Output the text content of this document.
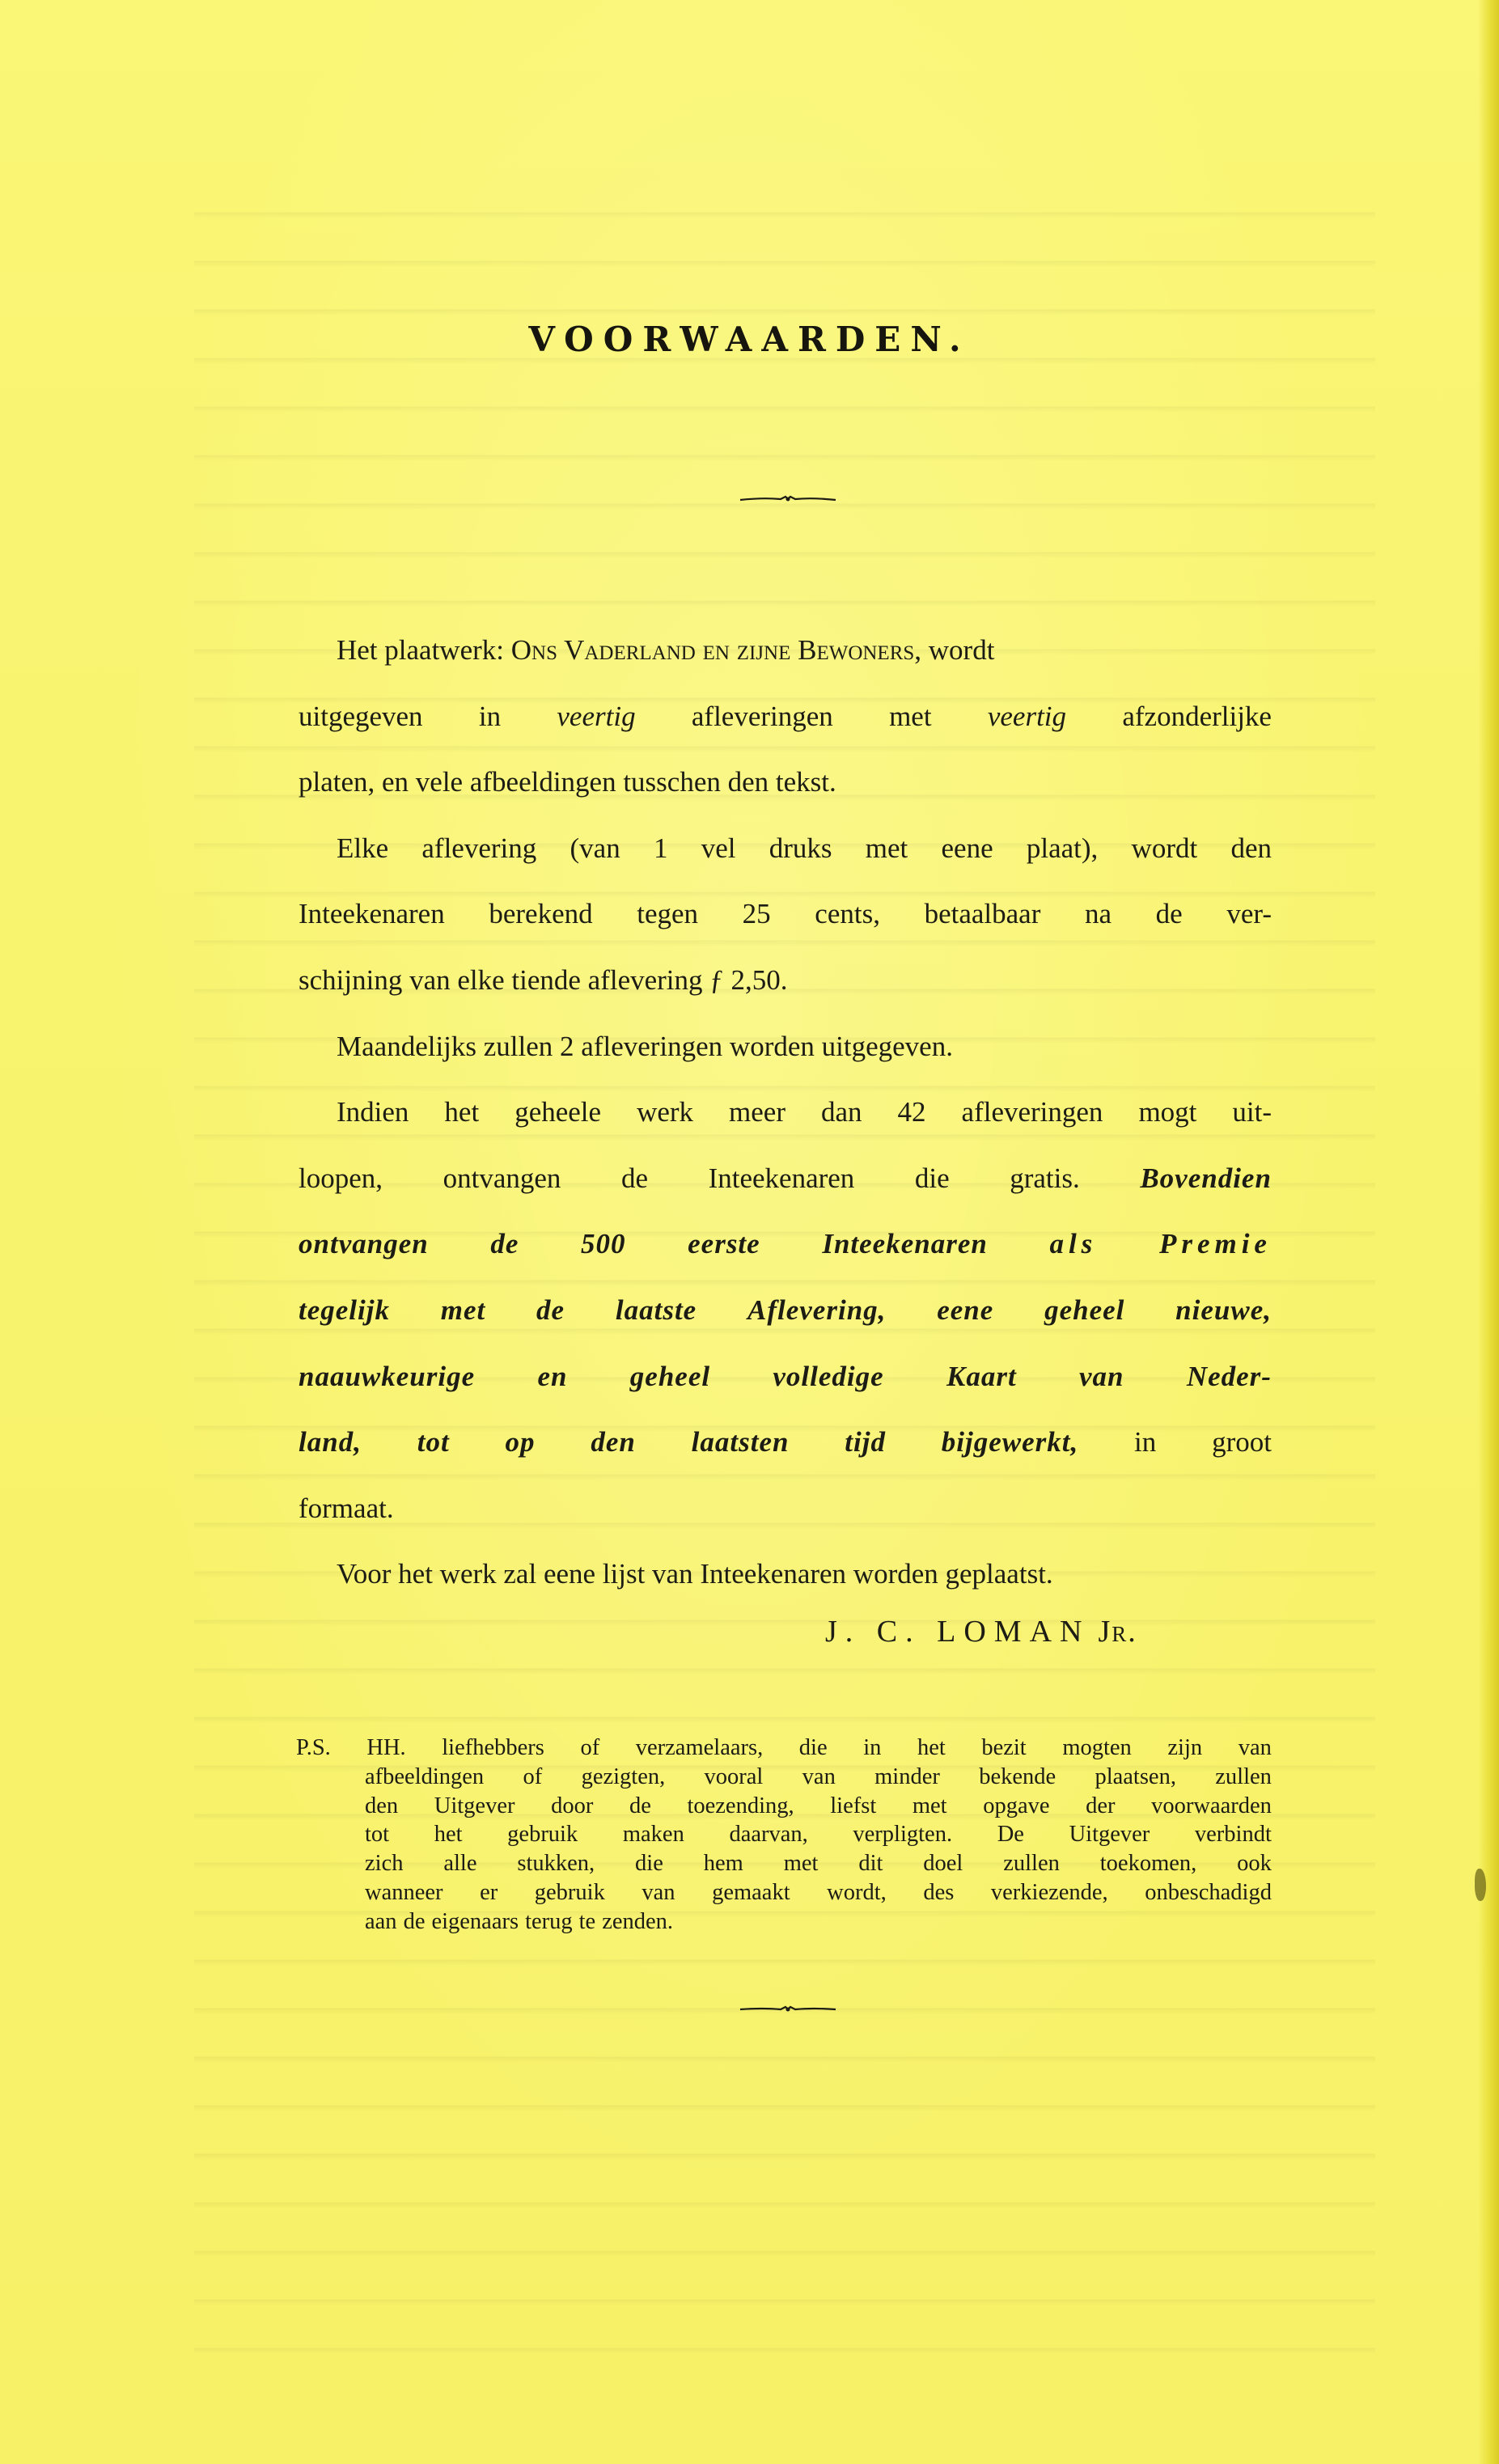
VOORWAARDEN.
Het plaatwerk: Ons Vaderland en zijne Bewoners, wordt
uitgegeven in veertig afleveringen met veertig afzonderlijke
platen, en vele afbeeldingen tusschen den tekst.
Elke aflevering (van 1 vel druks met eene plaat), wordt den
Inteekenaren berekend tegen 25 cents, betaalbaar na de ver-
schijning van elke tiende aflevering ƒ 2,50.
Maandelijks zullen 2 afleveringen worden uitgegeven.
Indien het geheele werk meer dan 42 afleveringen mogt uit-
loopen, ontvangen de Inteekenaren die gratis. Bovendien
ontvangen de 500 eerste Inteekenaren als Premie
tegelijk met de laatste Aflevering, eene geheel nieuwe,
naauwkeurige en geheel volledige Kaart van Neder-
land, tot op den laatsten tijd bijgewerkt, in groot
formaat.
Voor het werk zal eene lijst van Inteekenaren worden geplaatst.
J. C. LOMAN Jr.
P.S. HH. liefhebbers of verzamelaars, die in het bezit mogten zijn van
afbeeldingen of gezigten, vooral van minder bekende plaatsen, zullen
den Uitgever door de toezending, liefst met opgave der voorwaarden
tot het gebruik maken daarvan, verpligten. De Uitgever verbindt
zich alle stukken, die hem met dit doel zullen toekomen, ook
wanneer er gebruik van gemaakt wordt, des verkiezende, onbeschadigd
aan de eigenaars terug te zenden.
